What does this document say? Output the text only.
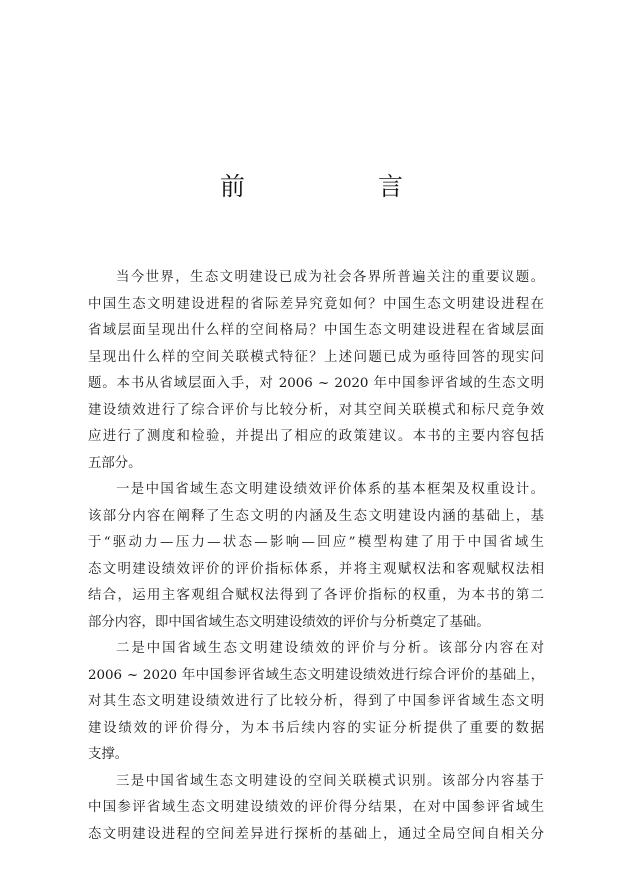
前　言
当今世界，生态文明建设已成为社会各界所普遍关注的重要议题。
中国生态文明建设进程的省际差异究竟如何？中国生态文明建设进程在
省域层面呈现出什么样的空间格局？中国生态文明建设进程在省域层面
呈现出什么样的空间关联模式特征？上述问题已成为亟待回答的现实问
题。本书从省域层面入手，对 2006 ~ 2020 年中国参评省域的生态文明
建设绩效进行了综合评价与比较分析，对其空间关联模式和标尺竞争效
应进行了测度和检验，并提出了相应的政策建议。本书的主要内容包括
五部分。
一是中国省域生态文明建设绩效评价体系的基本框架及权重设计。
该部分内容在阐释了生态文明的内涵及生态文明建设内涵的基础上，基
于“驱动力—压力—状态—影响—回应”模型构建了用于中国省域生
态文明建设绩效评价的评价指标体系，并将主观赋权法和客观赋权法相
结合，运用主客观组合赋权法得到了各评价指标的权重，为本书的第二
部分内容，即中国省域生态文明建设绩效的评价与分析奠定了基础。
二是中国省域生态文明建设绩效的评价与分析。该部分内容在对
2006 ~ 2020 年中国参评省域生态文明建设绩效进行综合评价的基础上，
对其生态文明建设绩效进行了比较分析，得到了中国参评省域生态文明
建设绩效的评价得分，为本书后续内容的实证分析提供了重要的数据
支撑。
三是中国省域生态文明建设的空间关联模式识别。该部分内容基于
中国参评省域生态文明建设绩效的评价得分结果，在对中国参评省域生
态文明建设进程的空间差异进行探析的基础上，通过全局空间自相关分
